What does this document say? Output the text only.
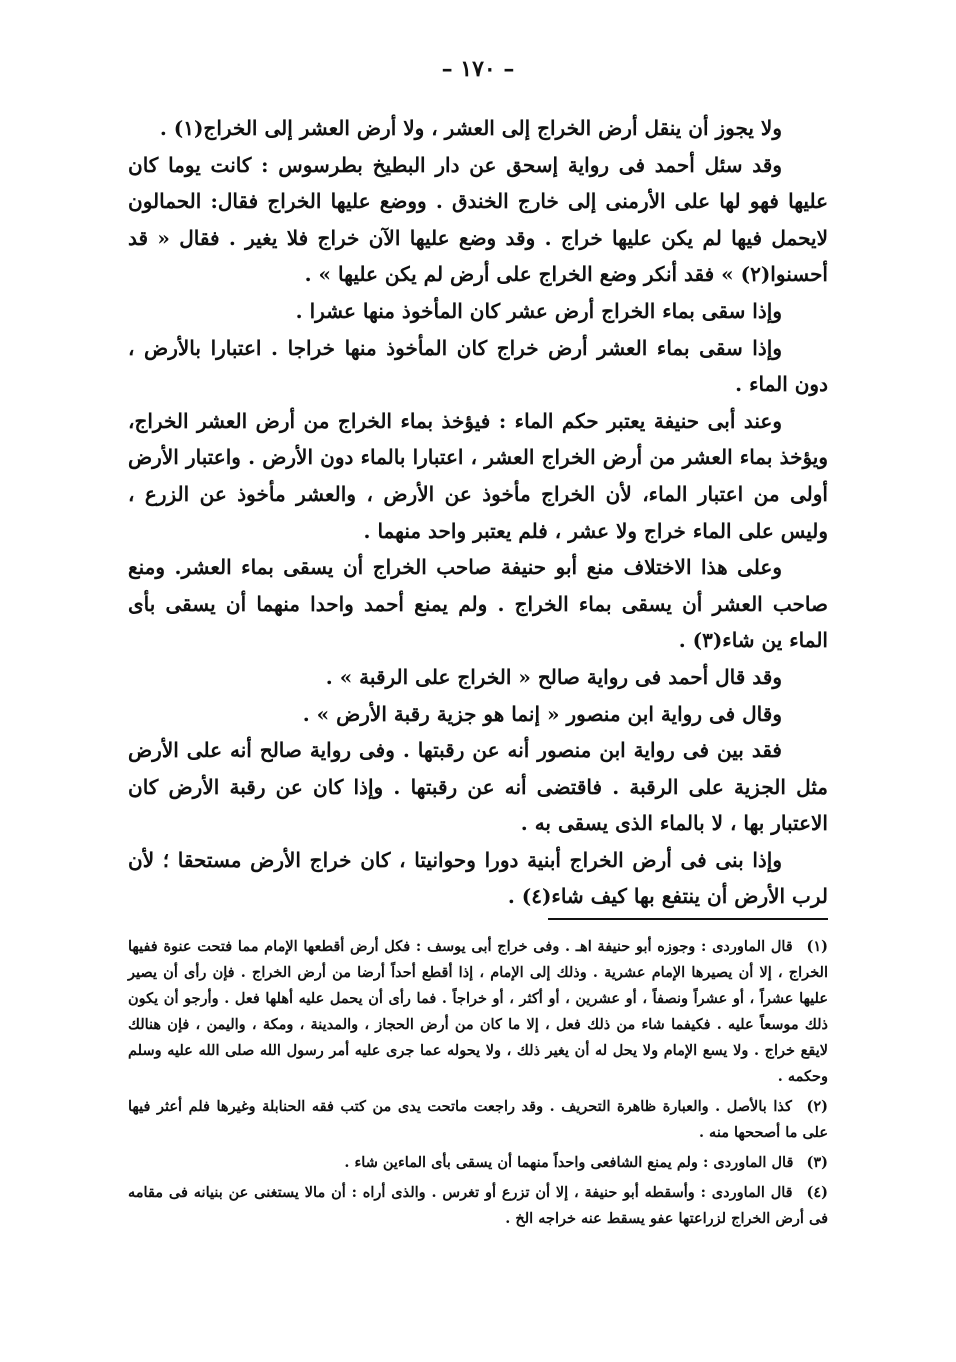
– ١٧٠ –

ولا يجوز أن ينقل أرض الخراج إلى العشر ، ولا أرض العشر إلى الخراج(١) .

وقد سئل أحمد فى رواية إسحق عن دار البطيخ بطرسوس : كانت يوما كان عليها فهو لها على الأرمنى إلى خارج الخندق . ووضع عليها الخراج فقال: الحمالون لايحمل فيها لم يكن عليها خراج . وقد وضع عليها الآن خراج فلا يغير . فقال « قد أحسنوا(٢) » فقد أنكر وضع الخراج على أرض لم يكن عليها » .

وإذا سقى بماء الخراج أرض عشر كان المأخوذ منها عشرا .

وإذا سقى بماء العشر أرض خراج كان المأخوذ منها خراجا . اعتبارا بالأرض ، دون الماء .

وعند أبى حنيفة يعتبر حكم الماء : فيؤخذ بماء الخراج من أرض العشر الخراج، ويؤخذ بماء العشر من أرض الخراج العشر ، اعتبارا بالماء دون الأرض . واعتبار الأرض أولى من اعتبار الماء، لأن الخراج مأخوذ عن الأرض ، والعشر مأخوذ عن الزرع ، وليس على الماء خراج ولا عشر ، فلم يعتبر واحد منهما .

وعلى هذا الاختلاف منع أبو حنيفة صاحب الخراج أن يسقى بماء العشر. ومنع صاحب العشر أن يسقى بماء الخراج . ولم يمنع أحمد واحدا منهما أن يسقى بأى الماء ين شاء(٣) .

وقد قال أحمد فى رواية صالح « الخراج على الرقبة » .

وقال فى رواية ابن منصور « إنما هو جزية رقبة الأرض » .

فقد بين فى رواية ابن منصور أنه عن رقبتها . وفى رواية صالح أنه على الأرض مثل الجزية على الرقبة . فاقتضى أنه عن رقبتها . وإذا كان عن رقبة الأرض كان الاعتبار بها ، لا بالماء الذى يسقى به .

وإذا بنى فى أرض الخراج أبنية دورا وحوانيتا ، كان خراج الأرض مستحقا ؛ لأن لرب الأرض أن ينتفع بها كيف شاء(٤) .

(١) قال الماوردى : وجوزه أبو حنيفة اهـ . وفى خراج أبى يوسف : فكل أرض أقطعها الإمام مما فتحت عنوة ففيها الخراج ، إلا أن يصيرها الإمام عشرية . وذلك إلى الإمام ، إذا أقطع أحداً أرضا من أرض الخراج . فإن رأى أن يصير عليها عشراً ، أو عشراً ونصفاً ، أو عشرين ، أو أكثر ، أو خراجاً . فما رأى أن يحمل عليه أهلها فعل . وأرجو أن يكون ذلك موسعاً عليه . فكيفما شاء من ذلك فعل ، إلا ما كان من أرض الحجاز ، والمدينة ، ومكة ، واليمن ، فإن هنالك لايقع خراج . ولا يسع الإمام ولا يحل له أن يغير ذلك ، ولا يحوله عما جرى عليه أمر رسول الله صلى الله عليه وسلم وحكمه .

(٢) كذا بالأصل . والعبارة ظاهرة التحريف . وقد راجعت ماتحت يدى من كتب فقه الحنابلة وغيرها فلم أعثر فيها على ما أصححها منه .

(٣) قال الماوردى : ولم يمنع الشافعى واحداً منهما أن يسقى بأى الماءين شاء .

(٤) قال الماوردى : وأسقطه أبو حنيفة ، إلا أن تزرع أو تغرس . والذى أراه : أن مالا يستغنى عن بنيانه فى مقامه فى أرض الخراج لزراعتها عفو يسقط عنه خراجه الخ .
